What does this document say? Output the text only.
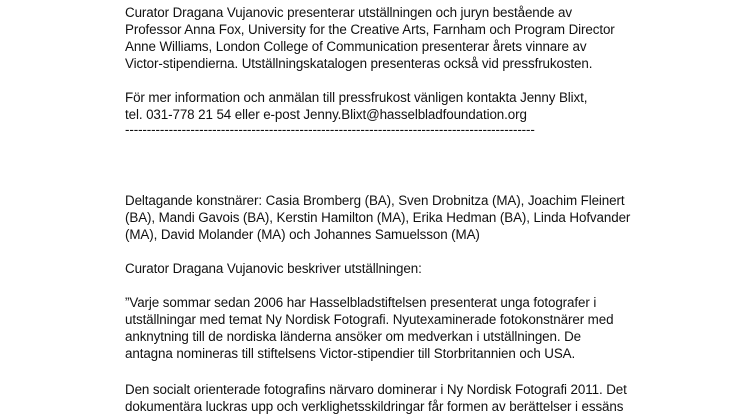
Curator Dragana Vujanovic presenterar utställningen och juryn bestående av
Professor Anna Fox, University for the Creative Arts, Farnham och Program Director
Anne Williams, London College of Communication presenterar årets vinnare av
Victor-stipendierna. Utställningskatalogen presenteras också vid pressfrukosten.
För mer information och anmälan till pressfrukost vänligen kontakta Jenny Blixt,
tel. 031-778 21 54 eller e-post Jenny.Blixt@hasselbladfoundation.org
----------------------------------------------------------------------------------------------
Deltagande konstnärer: Casia Bromberg (BA), Sven Drobnitza (MA), Joachim Fleinert
(BA), Mandi Gavois (BA), Kerstin Hamilton (MA), Erika Hedman (BA), Linda Hofvander
(MA), David Molander (MA) och Johannes Samuelsson (MA)
Curator Dragana Vujanovic beskriver utställningen:
”Varje sommar sedan 2006 har Hasselbladstiftelsen presenterat unga fotografer i
utställningar med temat Ny Nordisk Fotografi. Nyutexaminerade fotokonstnärer med
anknytning till de nordiska länderna ansöker om medverkan i utställningen. De
antagna nomineras till stiftelsens Victor-stipendier till Storbritannien och USA.
Den socialt orienterade fotografins närvaro dominerar i Ny Nordisk Fotografi 2011. Det
dokumentära luckras upp och verklighetsskildringar får formen av berättelser i essäns
